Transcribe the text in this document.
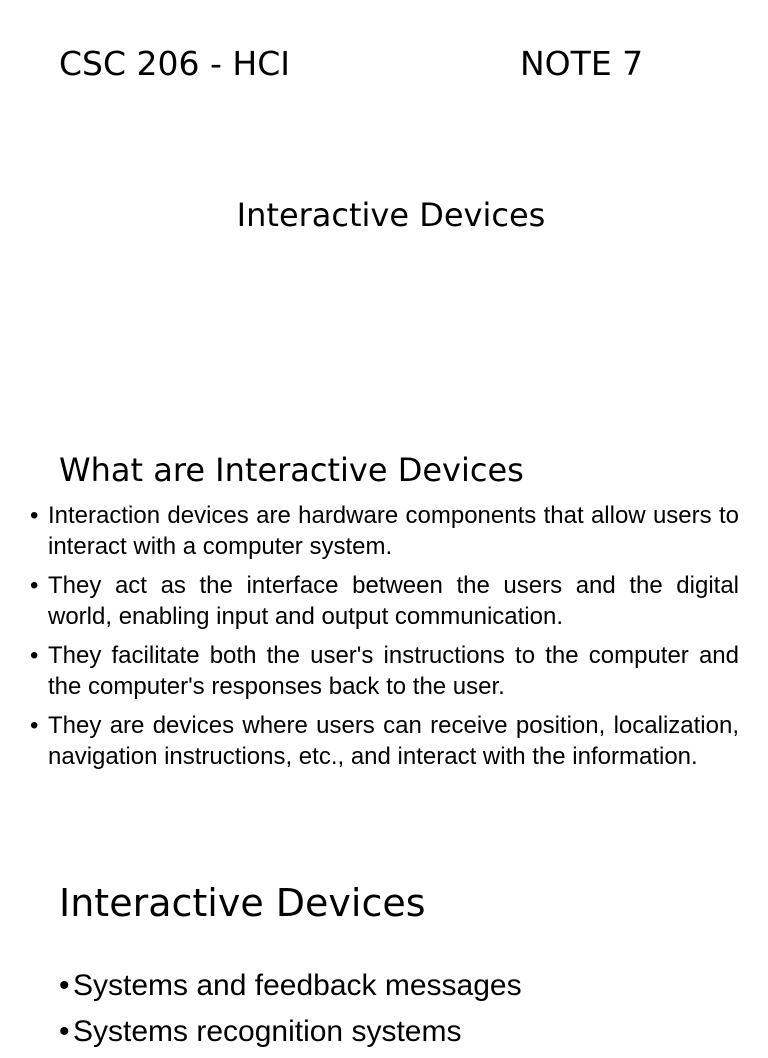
CSC 206 - HCI	NOTE 7
Interactive Devices
What are Interactive Devices
• Interaction devices are hardware components that allow users to interact with a computer system.
• They act as the interface between the users and the digital world, enabling input and output communication.
• They facilitate both the user's instructions to the computer and the computer's responses back to the user.
• They are devices where users can receive position, localization, navigation instructions, etc., and interact with the information.
Interactive Devices
• Systems and feedback messages
• Systems recognition systems
